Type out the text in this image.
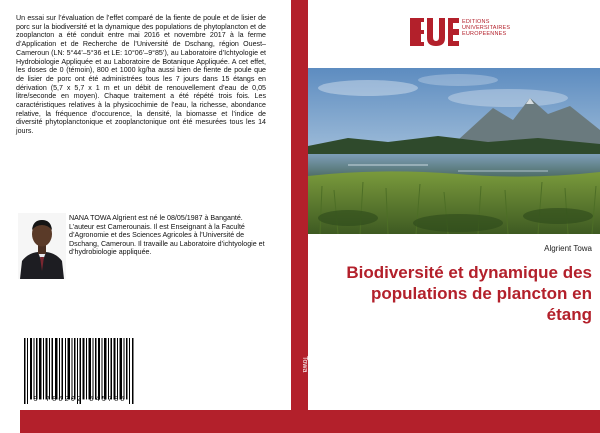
Un essai sur l’évaluation de l’effet comparé de la fiente de poule et de lisier de porc sur la biodiversité et la dynamique des populations de phytoplancton et de zooplancton a été conduit entre mai 2016 et novembre 2017 à la ferme d’Application et de Recherche de l’Université de Dschang, région Ouest–Cameroun (LN: 5°44’–5°36 et LE: 10°06’–9°85’), au Laboratoire d’Ichtyologie et Hydrobiologie Appliquée et au Laboratoire de Botanique Appliquée. A cet effet, les doses de 0 (témoin), 800 et 1000 kg/ha aussi bien de fiente de poule que de lisier de porc ont été administrées tous les 7 jours dans 15 étangs en dérivation (5,7 x 5,7 x 1 m et un débit de renouvellement d’eau de 0,05 litre/seconde en moyen). Chaque traitement a été répété trois fois. Les caractéristiques relatives à la physicochimie de l’eau, la richesse, abondance relative, la fréquence d’occurence, la densité, la biomasse et l’indice de diversité phytoplanctonique et zooplanctonique ont été mesurées tous les 14 jours.

NANA TOWA Algrient est né le 08/05/1987 à Banganté. L’auteur est Camerounais. Il est Enseignant à la Faculté d’Agronomie et des Sciences Agricoles à l’Université de Dschang, Cameroun. Il travaille au Laboratoire d’ichtyologie et d’hydrobiologie appliquée.

9 786202 545785
Towa
EDITIONS
UNIVERSITAIRES
EUROPEENNES
Algrient Towa
Biodiversité et dynamique des populations de plancton en étang
